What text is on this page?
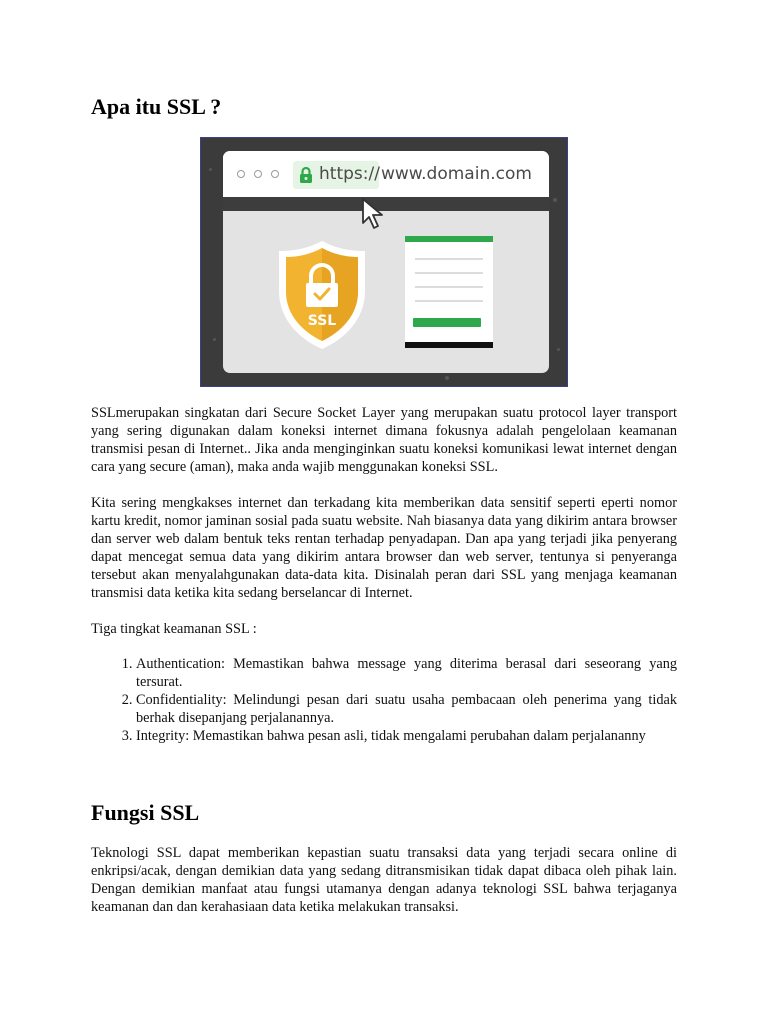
Apa itu SSL ?
https:// www.domain.com
SSL

SSLmerupakan singkatan dari Secure Socket Layer yang merupakan suatu protocol layer transport yang sering digunakan dalam koneksi internet dimana fokusnya adalah pengelolaan keamanan transmisi pesan di Internet.. Jika anda menginginkan suatu koneksi komunikasi lewat internet dengan cara yang secure (aman), maka anda wajib menggunakan koneksi SSL.

Kita sering mengkakses internet dan terkadang kita memberikan data sensitif seperti eperti nomor kartu kredit, nomor jaminan sosial pada suatu website. Nah biasanya data yang dikirim antara browser dan server web dalam bentuk teks rentan terhadap penyadapan. Dan apa yang terjadi jika penyerang dapat mencegat semua data yang dikirim antara browser dan web server, tentunya si penyeranga tersebut akan menyalahgunakan data-data kita. Disinalah peran dari SSL yang menjaga keamanan transmisi data ketika kita sedang berselancar di Internet.

Tiga tingkat keamanan SSL :

1. Authentication: Memastikan bahwa message yang diterima berasal dari seseorang yang tersurat.
2. Confidentiality: Melindungi pesan dari suatu usaha pembacaan oleh penerima yang tidak berhak disepanjang perjalanannya.
3. Integrity: Memastikan bahwa pesan asli, tidak mengalami perubahan dalam perjalananny
Fungsi SSL

Teknologi SSL dapat memberikan kepastian suatu transaksi data yang terjadi secara online di enkripsi/acak, dengan demikian data yang sedang ditransmisikan tidak dapat dibaca oleh pihak lain. Dengan demikian manfaat atau fungsi utamanya dengan adanya teknologi SSL bahwa terjaganya keamanan dan dan kerahasiaan data ketika melakukan transaksi.
